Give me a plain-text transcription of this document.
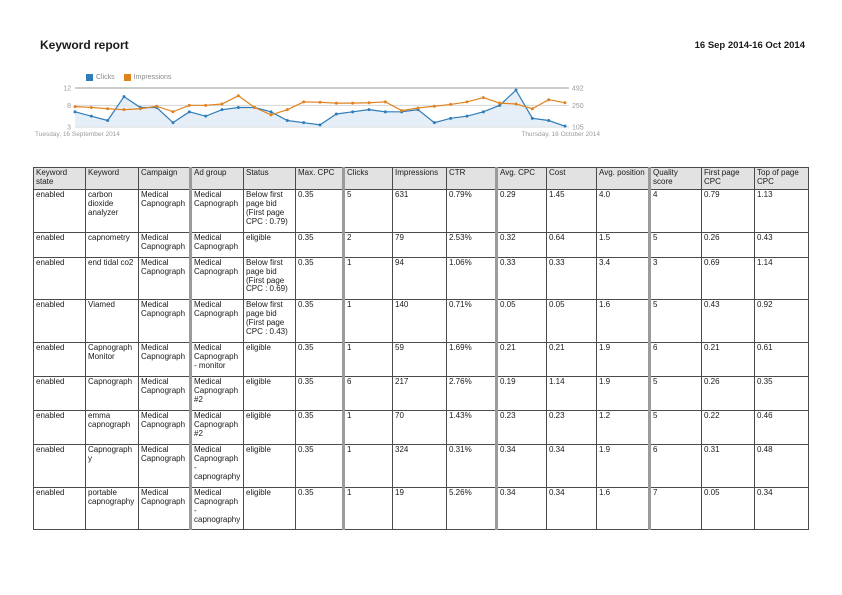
Keyword report	16 Sep 2014-16 Oct 2014
Clicks	Impressions
12	492
8	250
3	105
Tuesday, 16 September 2014	Thursday, 16 October 2014
Keyword state	Keyword	Campaign	Ad group	Status	Max. CPC	Clicks	Impressions	CTR	Avg. CPC	Cost	Avg. position	Quality score	First page CPC	Top of page CPC
enabled	carbon dioxide analyzer	Medical Capnograph	Medical Capnograph	Below first page bid (First page CPC : 0.79)	0.35	5	631	0.79%	0.29	1.45	4.0	4	0.79	1.13
enabled	capnometry	Medical Capnograph	Medical Capnograph	eligible	0.35	2	79	2.53%	0.32	0.64	1.5	5	0.26	0.43
enabled	end tidal co2	Medical Capnograph	Medical Capnograph	Below first page bid (First page CPC : 0.69)	0.35	1	94	1.06%	0.33	0.33	3.4	3	0.69	1.14
enabled	Viamed	Medical Capnograph	Medical Capnograph	Below first page bid (First page CPC : 0.43)	0.35	1	140	0.71%	0.05	0.05	1.6	5	0.43	0.92
enabled	Capnograph Monitor	Medical Capnograph	Medical Capnograph - monitor	eligible	0.35	1	59	1.69%	0.21	0.21	1.9	6	0.21	0.61
enabled	Capnograph	Medical Capnograph	Medical Capnograph #2	eligible	0.35	6	217	2.76%	0.19	1.14	1.9	5	0.26	0.35
enabled	emma capnograph	Medical Capnograph	Medical Capnograph #2	eligible	0.35	1	70	1.43%	0.23	0.23	1.2	5	0.22	0.46
enabled	Capnography	Medical Capnograph	Medical Capnograph - capnography	eligible	0.35	1	324	0.31%	0.34	0.34	1.9	6	0.31	0.48
enabled	portable capnography	Medical Capnograph	Medical Capnograph - capnography	eligible	0.35	1	19	5.26%	0.34	0.34	1.6	7	0.05	0.34
